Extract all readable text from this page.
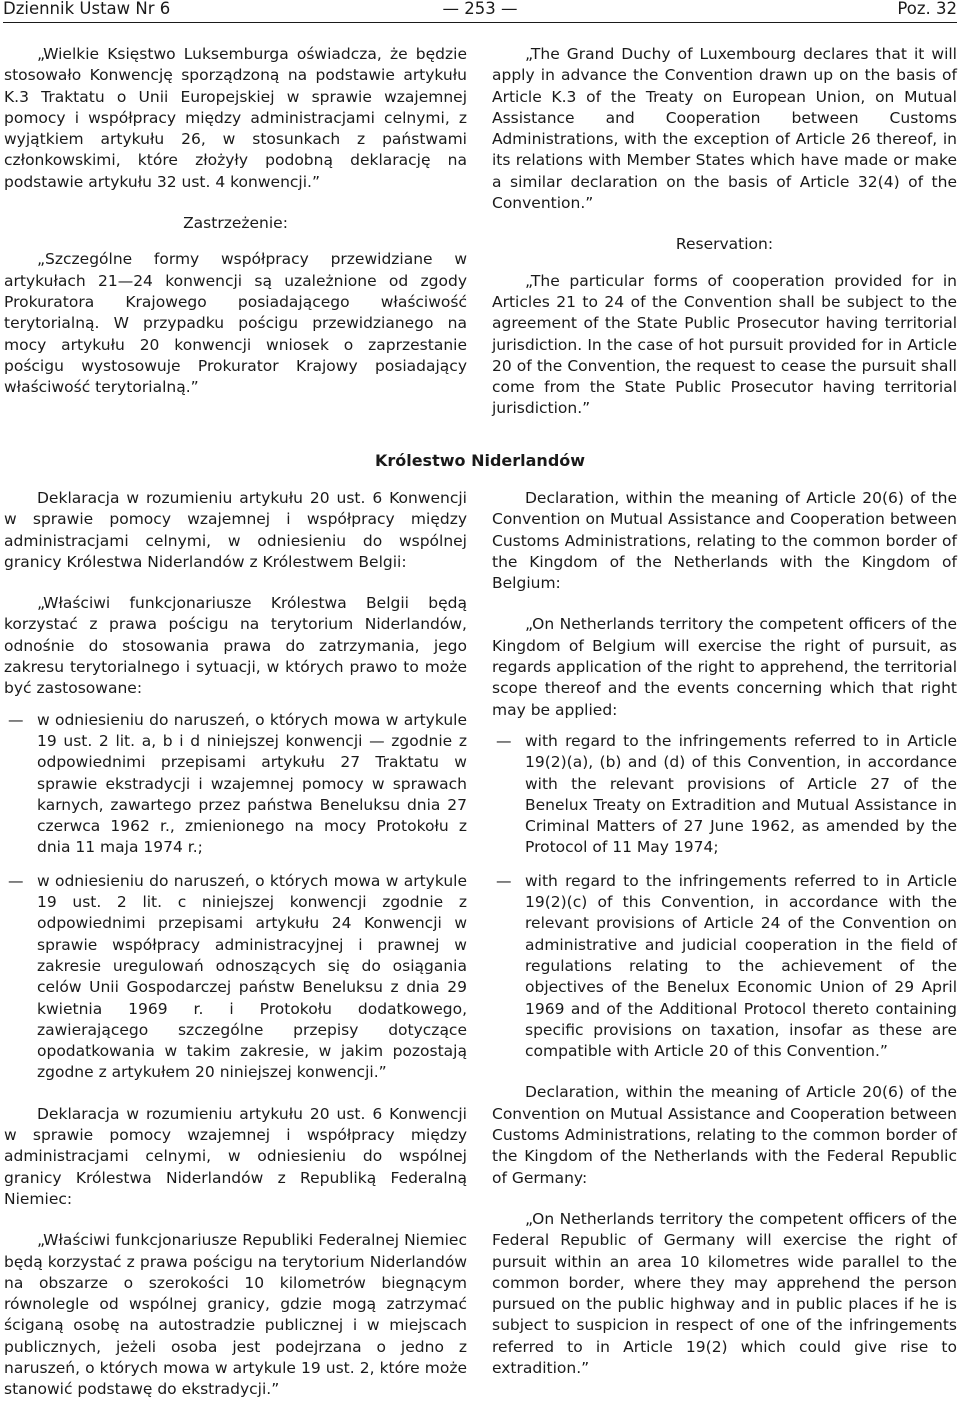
Dziennik Ustaw Nr 6	— 253 —	Poz. 32

„Wielkie Księstwo Luksemburga oświadcza, że będzie stosowało Konwencję sporządzoną na podstawie artykułu K.3 Traktatu o Unii Europejskiej w sprawie wzajemnej pomocy i współpracy między administracjami celnymi, z wyjątkiem artykułu 26, w stosunkach z państwami członkowskimi, które złożyły podobną deklarację na podstawie artykułu 32 ust. 4 konwencji.”

Zastrzeżenie:

„Szczególne formy współpracy przewidziane w artykułach 21—24 konwencji są uzależnione od zgody Prokuratora Krajowego posiadającego właściwość terytorialną. W przypadku pościgu przewidzianego na mocy artykułu 20 konwencji wniosek o zaprzestanie pościgu wystosowuje Prokurator Krajowy posiadający właściwość terytorialną.”

„The Grand Duchy of Luxembourg declares that it will apply in advance the Convention drawn up on the basis of Article K.3 of the Treaty on European Union, on Mutual Assistance and Cooperation between Customs Administrations, with the exception of Article 26 thereof, in its relations with Member States which have made or make a similar declaration on the basis of Article 32(4) of the Convention.”

Reservation:

„The particular forms of cooperation provided for in Articles 21 to 24 of the Convention shall be subject to the agreement of the State Public Prosecutor having territorial jurisdiction. In the case of hot pursuit provided for in Article 20 of the Convention, the request to cease the pursuit shall come from the State Public Prosecutor having territorial jurisdiction.”

Królestwo Niderlandów

Deklaracja w rozumieniu artykułu 20 ust. 6 Konwencji w sprawie pomocy wzajemnej i współpracy między administracjami celnymi, w odniesieniu do wspólnej granicy Królestwa Niderlandów z Królestwem Belgii:

„Właściwi funkcjonariusze Królestwa Belgii będą korzystać z prawa pościgu na terytorium Niderlandów, odnośnie do stosowania prawa do zatrzymania, jego zakresu terytorialnego i sytuacji, w których prawo to może być zastosowane:

— w odniesieniu do naruszeń, o których mowa w artykule 19 ust. 2 lit. a, b i d niniejszej konwencji — zgodnie z odpowiednimi przepisami artykułu 27 Traktatu w sprawie ekstradycji i wzajemnej pomocy w sprawach karnych, zawartego przez państwa Beneluksu dnia 27 czerwca 1962 r., zmienionego na mocy Protokołu z dnia 11 maja 1974 r.;
— w odniesieniu do naruszeń, o których mowa w artykule 19 ust. 2 lit. c niniejszej konwencji zgodnie z odpowiednimi przepisami artykułu 24 Konwencji w sprawie współpracy administracyjnej i prawnej w zakresie uregulowań odnoszących się do osiągania celów Unii Gospodarczej państw Beneluksu z dnia 29 kwietnia 1969 r. i Protokołu dodatkowego, zawierającego szczególne przepisy dotyczące opodatkowania w takim zakresie, w jakim pozostają zgodne z artykułem 20 niniejszej konwencji.”

Deklaracja w rozumieniu artykułu 20 ust. 6 Konwencji w sprawie pomocy wzajemnej i współpracy między administracjami celnymi, w odniesieniu do wspólnej granicy Królestwa Niderlandów z Republiką Federalną Niemiec:

„Właściwi funkcjonariusze Republiki Federalnej Niemiec będą korzystać z prawa pościgu na terytorium Niderlandów na obszarze o szerokości 10 kilometrów biegnącym równolegle od wspólnej granicy, gdzie mogą zatrzymać ściganą osobę na autostradzie publicznej i w miejscach publicznych, jeżeli osoba jest podejrzana o jedno z naruszeń, o których mowa w artykule 19 ust. 2, które może stanowić podstawę do ekstradycji.”

Declaration, within the meaning of Article 20(6) of the Convention on Mutual Assistance and Cooperation between Customs Administrations, relating to the common border of the Kingdom of the Netherlands with the Kingdom of Belgium:

„On Netherlands territory the competent officers of the Kingdom of Belgium will exercise the right of pursuit, as regards application of the right to apprehend, the territorial scope thereof and the events concerning which that right may be applied:

— with regard to the infringements referred to in Article 19(2)(a), (b) and (d) of this Convention, in accordance with the relevant provisions of Article 27 of the Benelux Treaty on Extradition and Mutual Assistance in Criminal Matters of 27 June 1962, as amended by the Protocol of 11 May 1974;
— with regard to the infringements referred to in Article 19(2)(c) of this Convention, in accordance with the relevant provisions of Article 24 of the Convention on administrative and judicial cooperation in the field of regulations relating to the achievement of the objectives of the Benelux Economic Union of 29 April 1969 and of the Additional Protocol thereto containing specific provisions on taxation, insofar as these are compatible with Article 20 of this Convention.”

Declaration, within the meaning of Article 20(6) of the Convention on Mutual Assistance and Cooperation between Customs Administrations, relating to the common border of the Kingdom of the Netherlands with the Federal Republic of Germany:

„On Netherlands territory the competent officers of the Federal Republic of Germany will exercise the right of pursuit within an area 10 kilometres wide parallel to the common border, where they may apprehend the person pursued on the public highway and in public places if he is subject to suspicion in respect of one of the infringements referred to in Article 19(2) which could give rise to extradition.”
